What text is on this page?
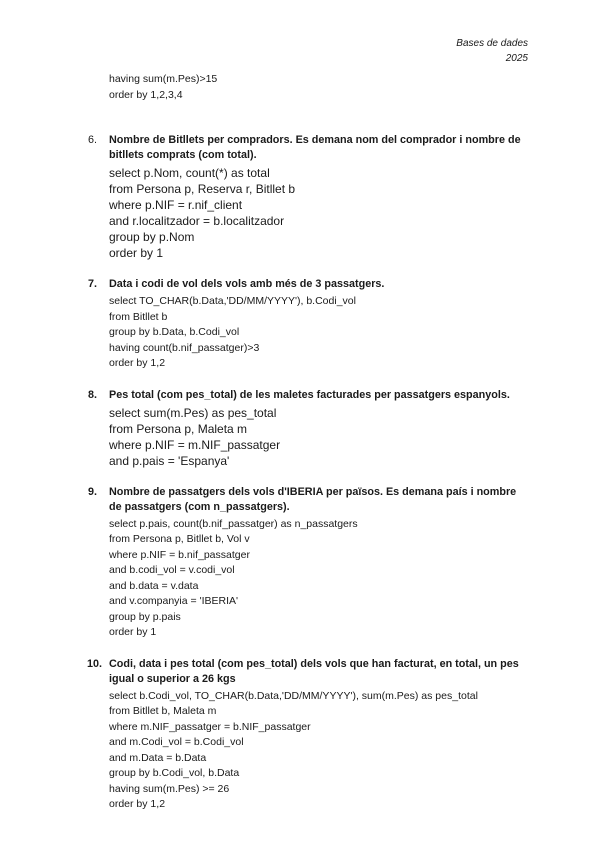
Bases de dades
2025
having sum(m.Pes)>15
order by 1,2,3,4
6. Nombre de Bitllets per compradors. Es demana nom del comprador i nombre de bitllets comprats (com total).
select p.Nom, count(*) as total
from Persona p, Reserva r, Bitllet b
where p.NIF = r.nif_client
and r.localitzador = b.localitzador
group by p.Nom
order by 1
7. Data i codi de vol dels vols amb més de 3 passatgers.
select TO_CHAR(b.Data,'DD/MM/YYYY'), b.Codi_vol
from Bitllet b
group by b.Data, b.Codi_vol
having count(b.nif_passatger)>3
order by 1,2
8. Pes total (com pes_total) de les maletes facturades per passatgers espanyols.
select sum(m.Pes) as pes_total
from Persona p, Maleta m
where p.NIF = m.NIF_passatger
and p.pais = 'Espanya'
9. Nombre de passatgers dels vols d'IBERIA per països. Es demana país i nombre de passatgers (com n_passatgers).
select p.pais, count(b.nif_passatger) as n_passatgers
from Persona p, Bitllet b, Vol v
where p.NIF = b.nif_passatger
and b.codi_vol = v.codi_vol
and b.data = v.data
and v.companyia = 'IBERIA'
group by p.pais
order by 1
10. Codi, data i pes total (com pes_total) dels vols que han facturat, en total, un pes igual o superior a 26 kgs
select b.Codi_vol, TO_CHAR(b.Data,'DD/MM/YYYY'), sum(m.Pes) as pes_total
from Bitllet b, Maleta m
where m.NIF_passatger = b.NIF_passatger
and m.Codi_vol = b.Codi_vol
and m.Data = b.Data
group by b.Codi_vol, b.Data
having sum(m.Pes) >= 26
order by 1,2
